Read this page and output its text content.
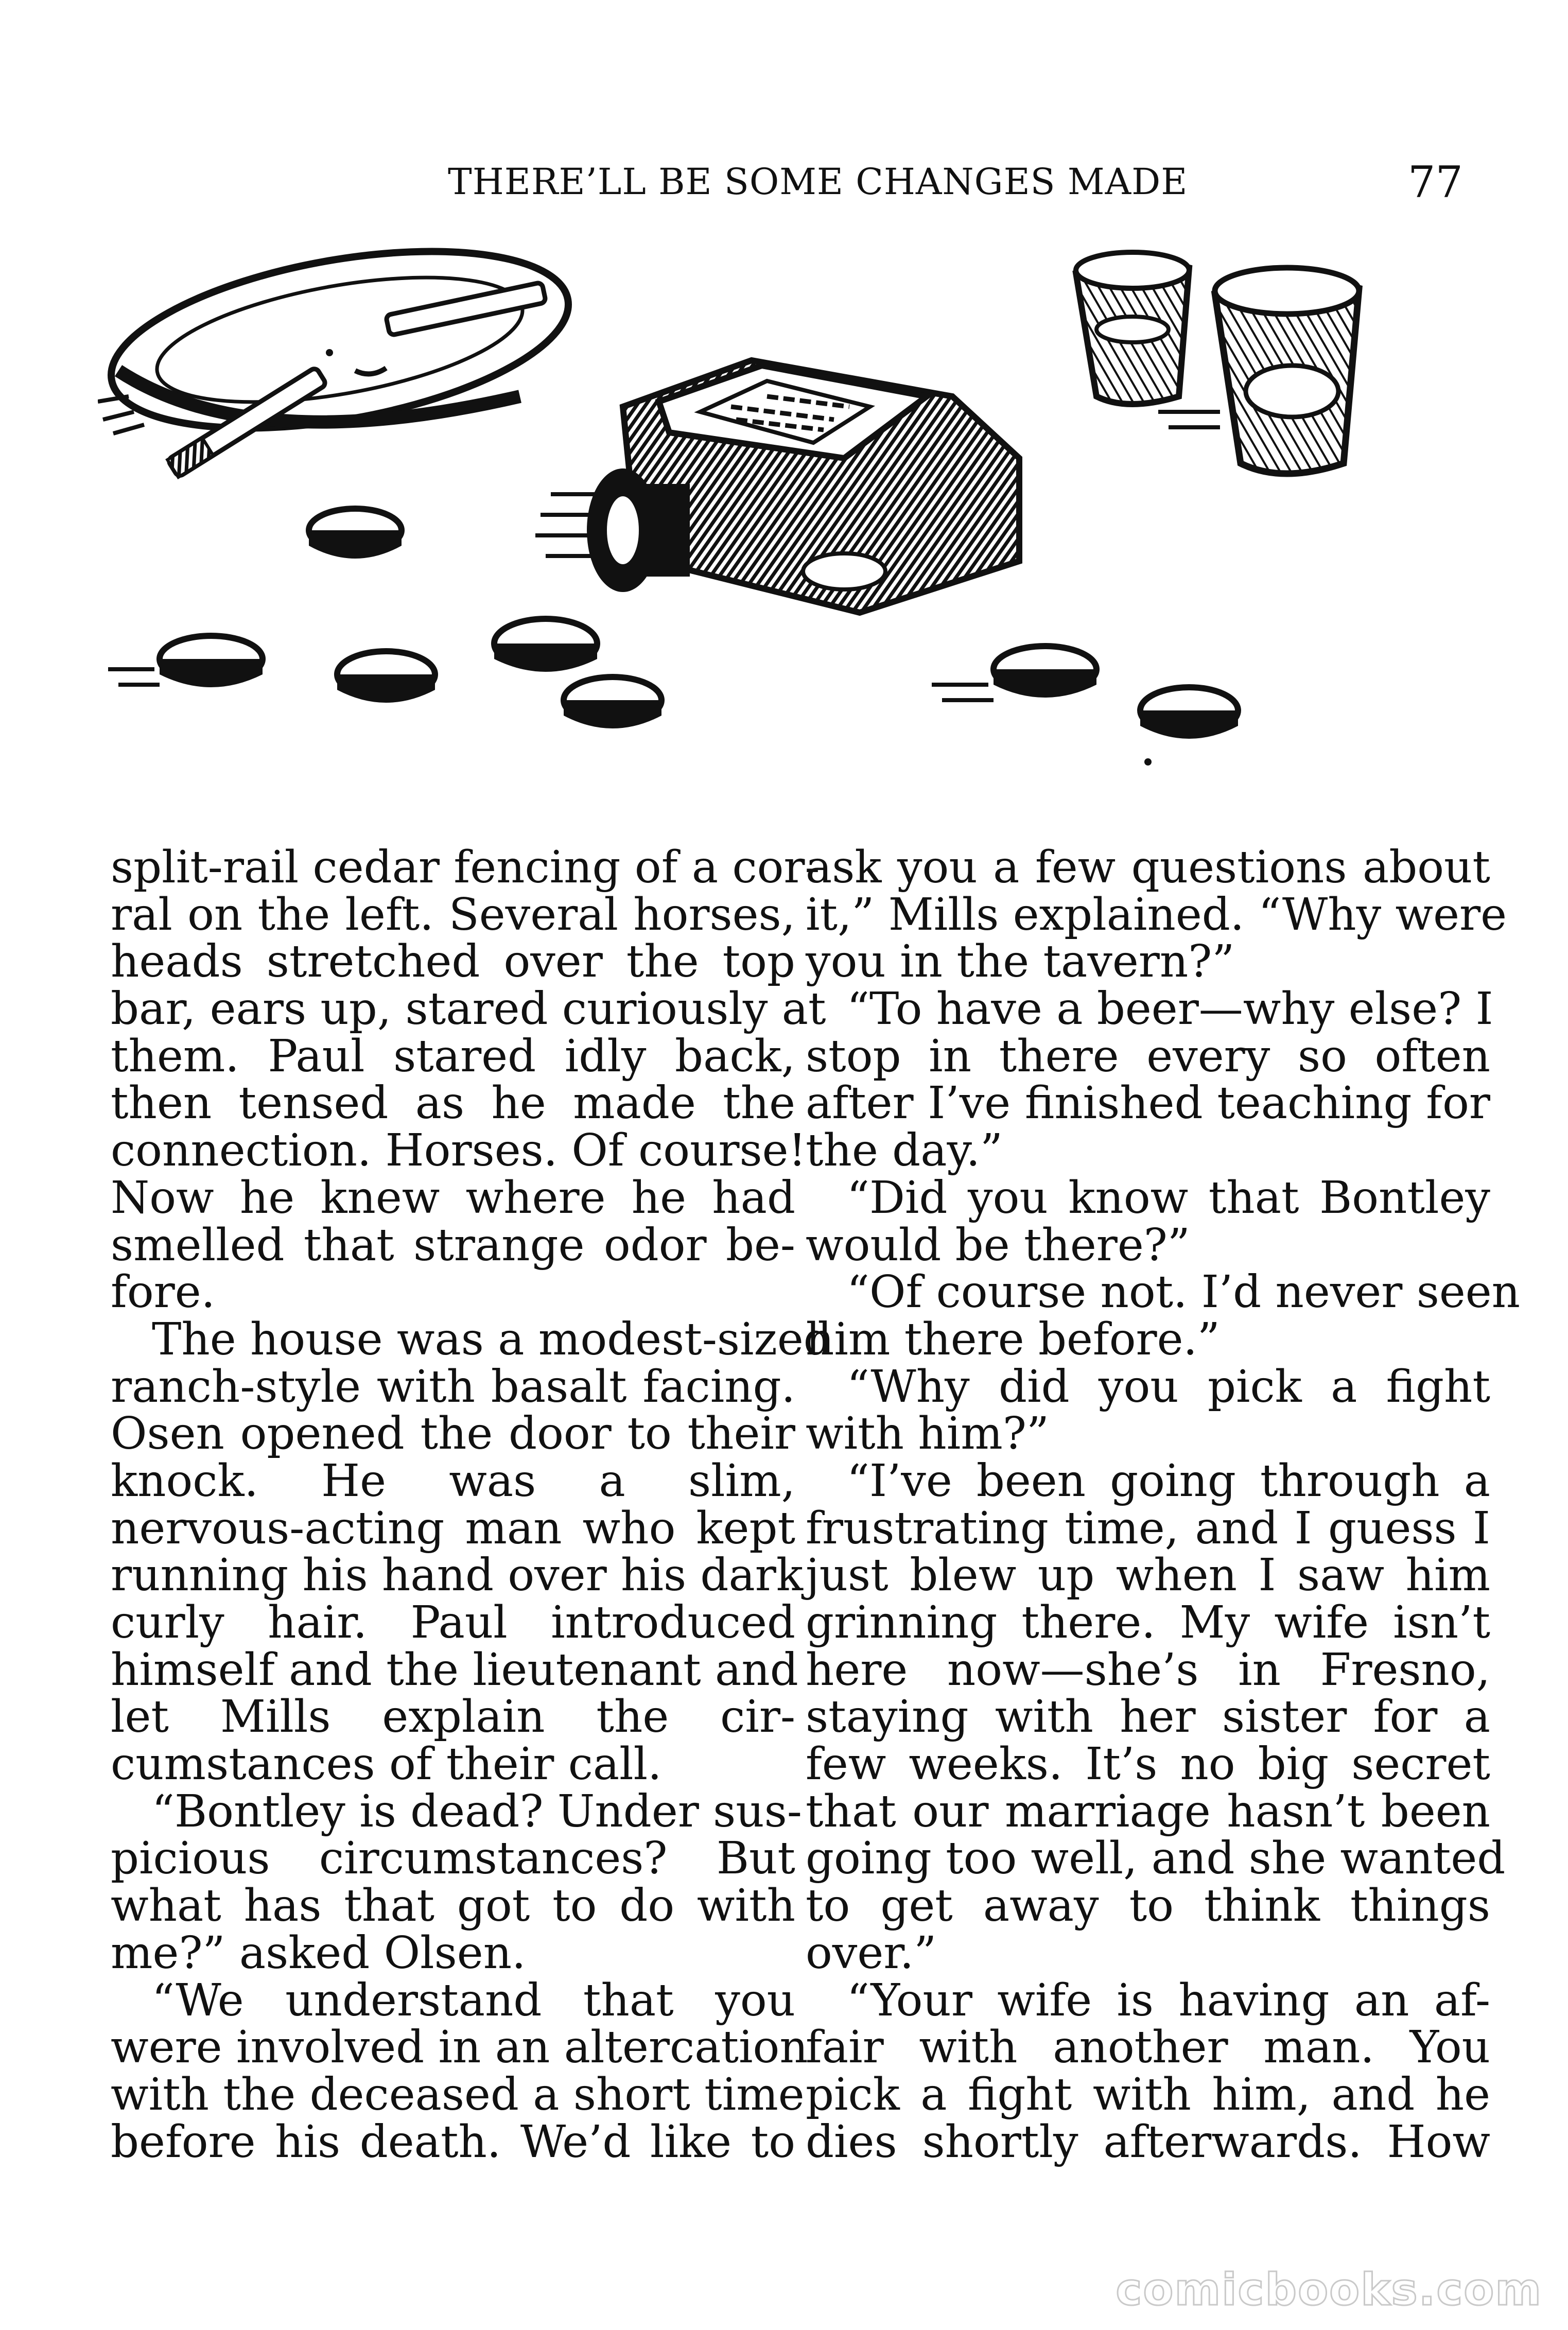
THERE’LL BE SOME CHANGES MADE	77
split-rail cedar fencing of a cor-
ral on the left. Several horses,
heads stretched over the top
bar, ears up, stared curiously at
them. Paul stared idly back,
then tensed as he made the
connection. Horses. Of course!
Now he knew where he had
smelled that strange odor be-
fore.
The house was a modest-sized
ranch-style with basalt facing.
Osen opened the door to their
knock. He was a slim,
nervous-acting man who kept
running his hand over his dark
curly hair. Paul introduced
himself and the lieutenant and
let Mills explain the cir-
cumstances of their call.
“Bontley is dead? Under sus-
picious circumstances? But
what has that got to do with
me?” asked Olsen.
“We understand that you
were involved in an altercation
with the deceased a short time
before his death. We’d like to
ask you a few questions about
it,” Mills explained. “Why were
you in the tavern?”
“To have a beer—why else? I
stop in there every so often
after I’ve finished teaching for
the day.”
“Did you know that Bontley
would be there?”
“Of course not. I’d never seen
him there before.”
“Why did you pick a fight
with him?”
“I’ve been going through a
frustrating time, and I guess I
just blew up when I saw him
grinning there. My wife isn’t
here now—she’s in Fresno,
staying with her sister for a
few weeks. It’s no big secret
that our marriage hasn’t been
going too well, and she wanted
to get away to think things
over.”
“Your wife is having an af-
fair with another man. You
pick a fight with him, and he
dies shortly afterwards. How
comicbooks.com
